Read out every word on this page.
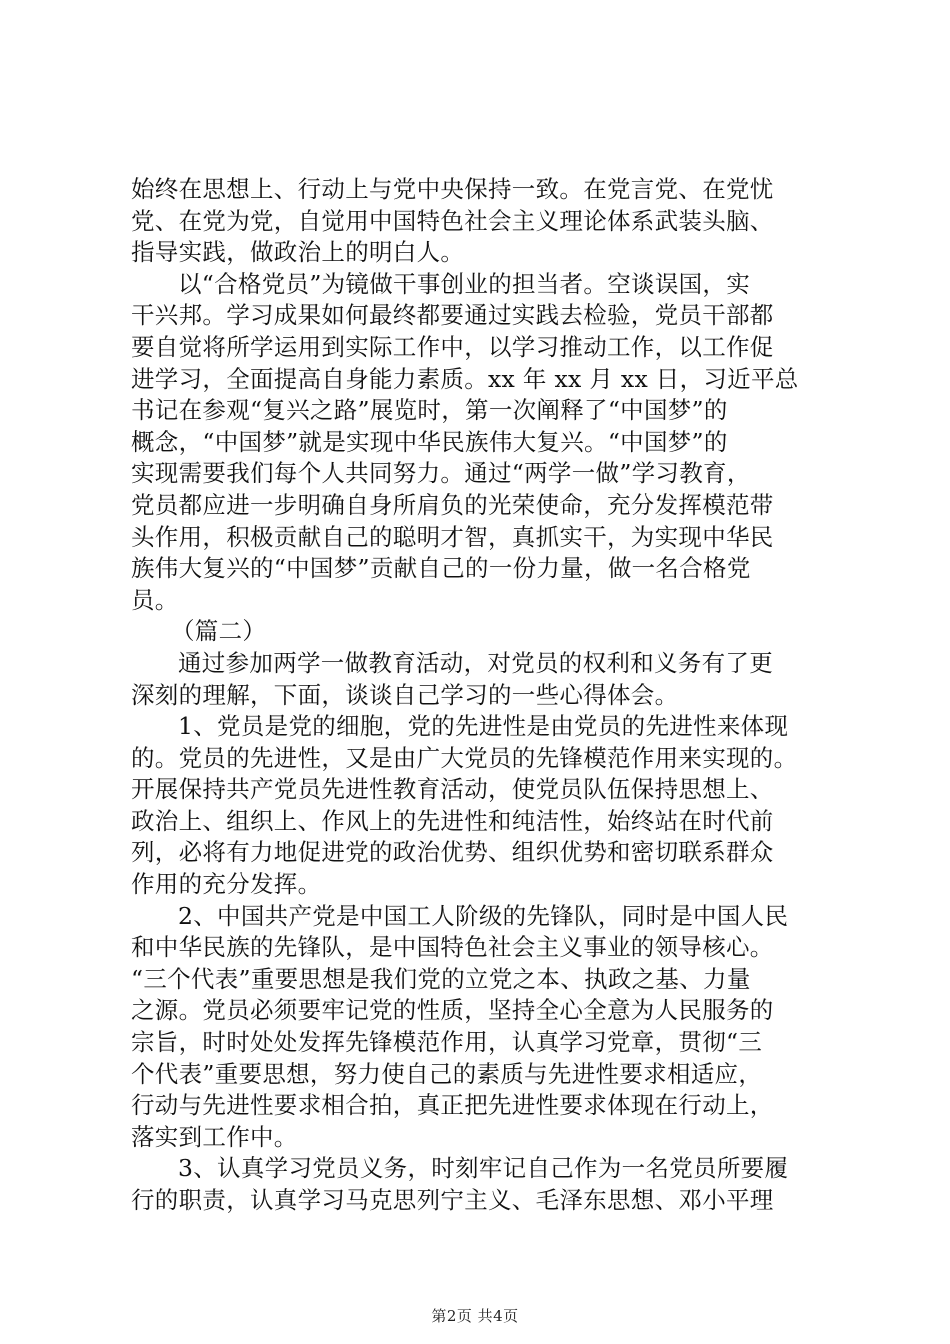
始终在思想上、行动上与党中央保持一致。在党言党、在党忧
党、在党为党，自觉用中国特色社会主义理论体系武装头脑、
指导实践，做政治上的明白人。
以“合格党员”为镜做干事创业的担当者。空谈误国，实
干兴邦。学习成果如何最终都要通过实践去检验，党员干部都
要自觉将所学运用到实际工作中，以学习推动工作，以工作促
进学习，全面提高自身能力素质。xx 年 xx 月 xx 日，习近平总
书记在参观“复兴之路”展览时，第一次阐释了“中国梦”的
概念，“中国梦”就是实现中华民族伟大复兴。“中国梦”的
实现需要我们每个人共同努力。通过“两学一做”学习教育，
党员都应进一步明确自身所肩负的光荣使命，充分发挥模范带
头作用，积极贡献自己的聪明才智，真抓实干，为实现中华民
族伟大复兴的“中国梦”贡献自己的一份力量，做一名合格党
员。
（篇二）
通过参加两学一做教育活动，对党员的权利和义务有了更
深刻的理解，下面，谈谈自己学习的一些心得体会。
1、党员是党的细胞，党的先进性是由党员的先进性来体现
的。党员的先进性，又是由广大党员的先锋模范作用来实现的。
开展保持共产党员先进性教育活动，使党员队伍保持思想上、
政治上、组织上、作风上的先进性和纯洁性，始终站在时代前
列，必将有力地促进党的政治优势、组织优势和密切联系群众
作用的充分发挥。
2、中国共产党是中国工人阶级的先锋队，同时是中国人民
和中华民族的先锋队，是中国特色社会主义事业的领导核心。
“三个代表”重要思想是我们党的立党之本、执政之基、力量
之源。党员必须要牢记党的性质，坚持全心全意为人民服务的
宗旨，时时处处发挥先锋模范作用，认真学习党章，贯彻“三
个代表”重要思想，努力使自己的素质与先进性要求相适应，
行动与先进性要求相合拍，真正把先进性要求体现在行动上，
落实到工作中。
3、认真学习党员义务，时刻牢记自己作为一名党员所要履
行的职责，认真学习马克思列宁主义、毛泽东思想、邓小平理
第2页 共4页
